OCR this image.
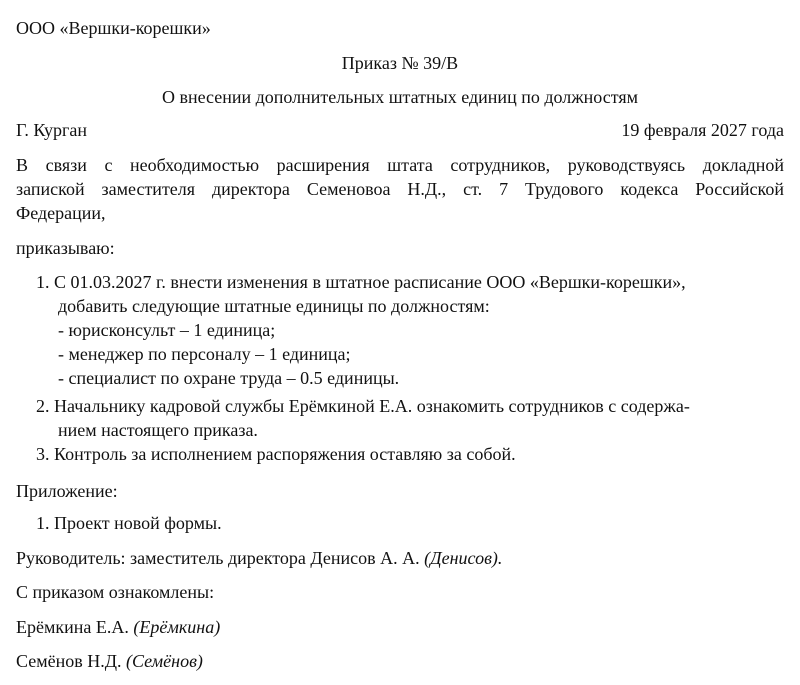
ООО «Вершки-корешки»
Приказ № 39/В
О внесении дополнительных штатных единиц по должностям
Г. Курган	19 февраля 2027 года
В связи с необходимостью расширения штата сотрудников, руководствуясь докладной
запиской заместителя директора Семеновоа Н.Д., ст. 7 Трудового кодекса Российской
Федерации,
приказываю:
1. С 01.03.2027 г. внести изменения в штатное расписание ООО «Вершки-корешки»,
добавить следующие штатные единицы по должностям:
- юрисконсульт – 1 единица;
- менеджер по персоналу – 1 единица;
- специалист по охране труда – 0.5 единицы.
2. Начальнику кадровой службы Ерёмкиной Е.А. ознакомить сотрудников с содержа-
нием настоящего приказа.
3. Контроль за исполнением распоряжения оставляю за собой.
Приложение:
1. Проект новой формы.
Руководитель: заместитель директора Денисов А. А. (Денисов).
С приказом ознакомлены:
Ерёмкина Е.А. (Ерёмкина)
Семёнов Н.Д. (Семёнов)
